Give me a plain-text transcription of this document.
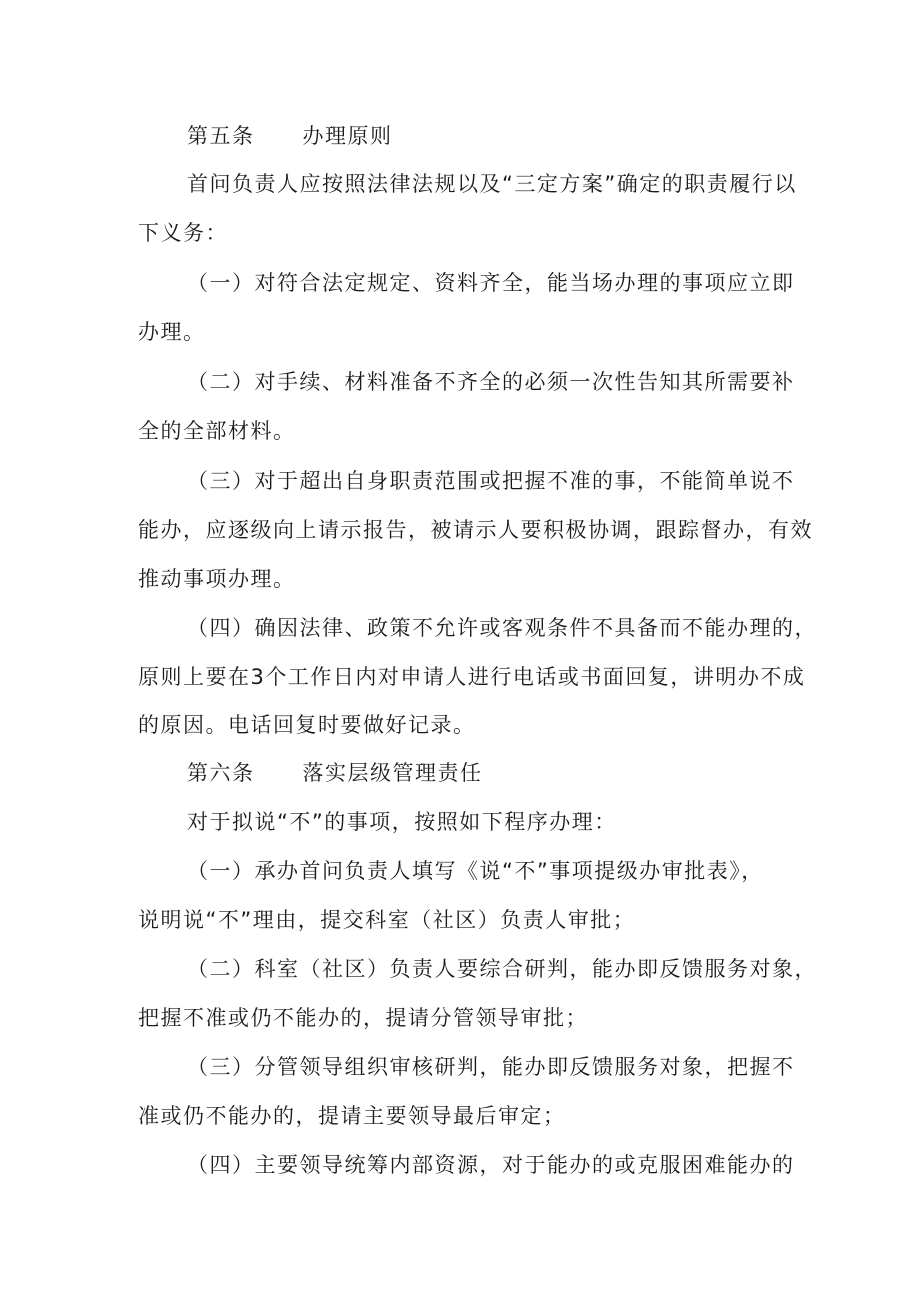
第五条 办理原则
首问负责人应按照法律法规以及“三定方案”确定的职责履行以
下义务：
（一）对符合法定规定、资料齐全，能当场办理的事项应立即
办理。
（二）对手续、材料准备不齐全的必须一次性告知其所需要补
全的全部材料。
（三）对于超出自身职责范围或把握不准的事，不能简单说不
能办，应逐级向上请示报告，被请示人要积极协调，跟踪督办，有效
推动事项办理。
（四）确因法律、政策不允许或客观条件不具备而不能办理的，
原则上要在3个工作日内对申请人进行电话或书面回复，讲明办不成
的原因。电话回复时要做好记录。
第六条 落实层级管理责任
对于拟说“不”的事项，按照如下程序办理：
（一）承办首问负责人填写《说“不”事项提级办审批表》，
说明说“不”理由，提交科室（社区）负责人审批；
（二）科室（社区）负责人要综合研判，能办即反馈服务对象，
把握不准或仍不能办的，提请分管领导审批；
（三）分管领导组织审核研判，能办即反馈服务对象，把握不
准或仍不能办的，提请主要领导最后审定；
（四）主要领导统筹内部资源，对于能办的或克服困难能办的
